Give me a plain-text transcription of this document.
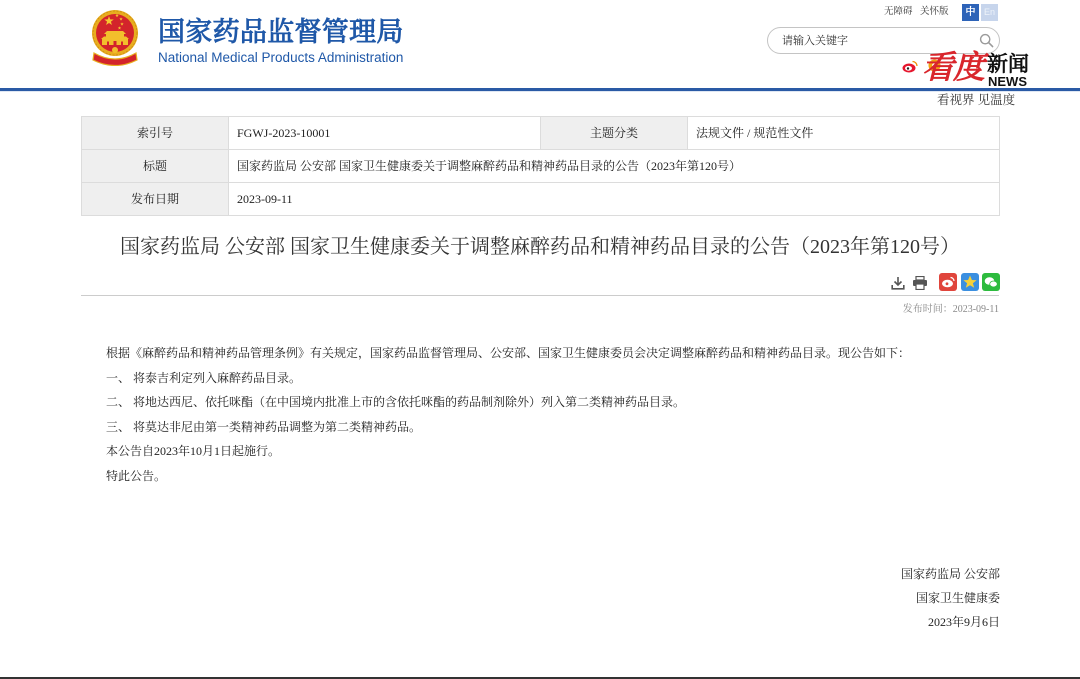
国家药品监督管理局
National Medical Products Administration
无障碍 关怀版	中 En
请输入关键字
看度 新闻
NEWS
看视界 见温度
索引号	FGWJ-2023-10001	主题分类	法规文件 / 规范性文件
标题	国家药监局 公安部 国家卫生健康委关于调整麻醉药品和精神药品目录的公告（2023年第120号）		
发布日期	2023-09-11		
国家药监局 公安部 国家卫生健康委关于调整麻醉药品和精神药品目录的公告（2023年第120号）
发布时间：2023-09-11
根据《麻醉药品和精神药品管理条例》有关规定，国家药品监督管理局、公安部、国家卫生健康委员会决定调整麻醉药品和精神药品目录。现公告如下：
一、 将泰吉利定列入麻醉药品目录。
二、 将地达西尼、依托咪酯（在中国境内批准上市的含依托咪酯的药品制剂除外）列入第二类精神药品目录。
三、 将莫达非尼由第一类精神药品调整为第二类精神药品。
本公告自2023年10月1日起施行。
特此公告。
国家药监局 公安部
国家卫生健康委
2023年9月6日
